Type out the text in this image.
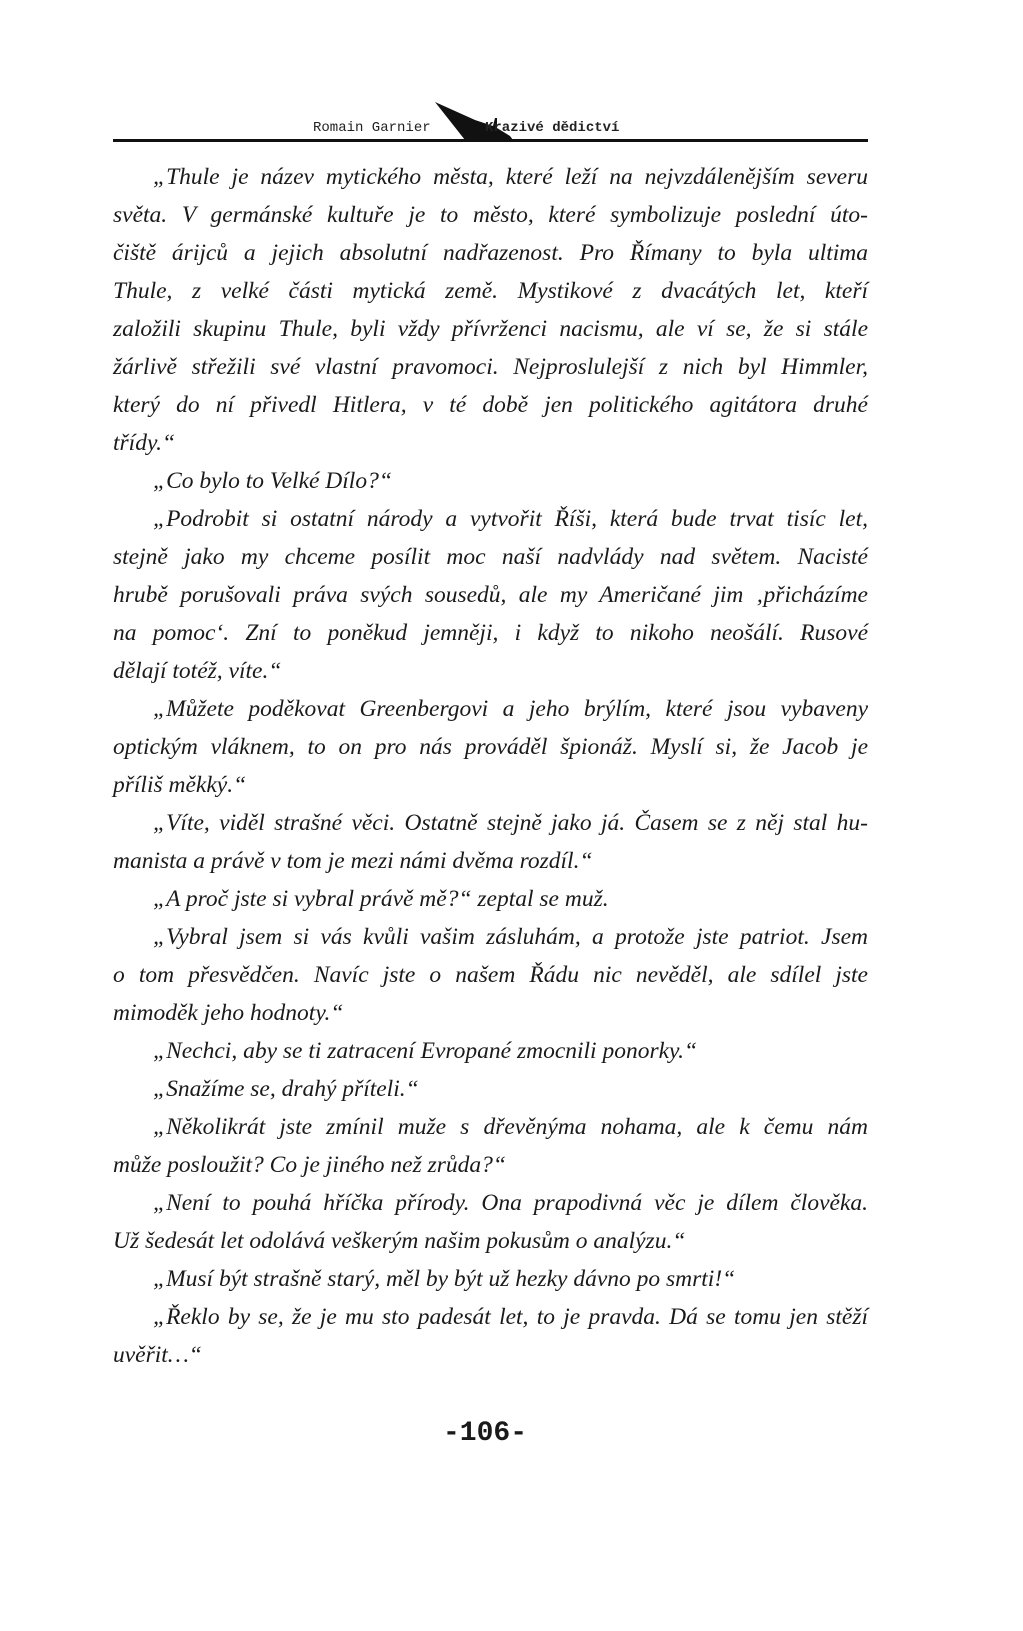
Romain Garnier	Krazivé dědictví
„Thule je název mytického města, které leží na nejvzdálenějším severu
světa. V germánské kultuře je to město, které symbolizuje poslední úto-
čiště árijců a jejich absolutní nadřazenost. Pro Římany to byla ultima
Thule, z velké části mytická země. Mystikové z dvacátých let, kteří
založili skupinu Thule, byli vždy přívrženci nacismu, ale ví se, že si stále
žárlivě střežili své vlastní pravomoci. Nejproslulejší z nich byl Himmler,
který do ní přivedl Hitlera, v té době jen politického agitátora druhé
třídy.“
„Co bylo to Velké Dílo?“
„Podrobit si ostatní národy a vytvořit Říši, která bude trvat tisíc let,
stejně jako my chceme posílit moc naší nadvlády nad světem. Nacisté
hrubě porušovali práva svých sousedů, ale my Američané jim ‚přicházíme
na pomoc‘. Zní to poněkud jemněji, i když to nikoho neošálí. Rusové
dělají totéž, víte.“
„Můžete poděkovat Greenbergovi a jeho brýlím, které jsou vybaveny
optickým vláknem, to on pro nás prováděl špionáž. Myslí si, že Jacob je
příliš měkký.“
„Víte, viděl strašné věci. Ostatně stejně jako já. Časem se z něj stal hu-
manista a právě v tom je mezi námi dvěma rozdíl.“
„A proč jste si vybral právě mě?“ zeptal se muž.
„Vybral jsem si vás kvůli vašim zásluhám, a protože jste patriot. Jsem
o tom přesvědčen. Navíc jste o našem Řádu nic nevěděl, ale sdílel jste
mimoděk jeho hodnoty.“
„Nechci, aby se ti zatracení Evropané zmocnili ponorky.“
„Snažíme se, drahý příteli.“
„Několikrát jste zmínil muže s dřevěnýma nohama, ale k čemu nám
může posloužit? Co je jiného než zrůda?“
„Není to pouhá hříčka přírody. Ona prapodivná věc je dílem člověka.
Už šedesát let odolává veškerým našim pokusům o analýzu.“
„Musí být strašně starý, měl by být už hezky dávno po smrti!“
„Řeklo by se, že je mu sto padesát let, to je pravda. Dá se tomu jen stěží
uvěřit…“
-106-
